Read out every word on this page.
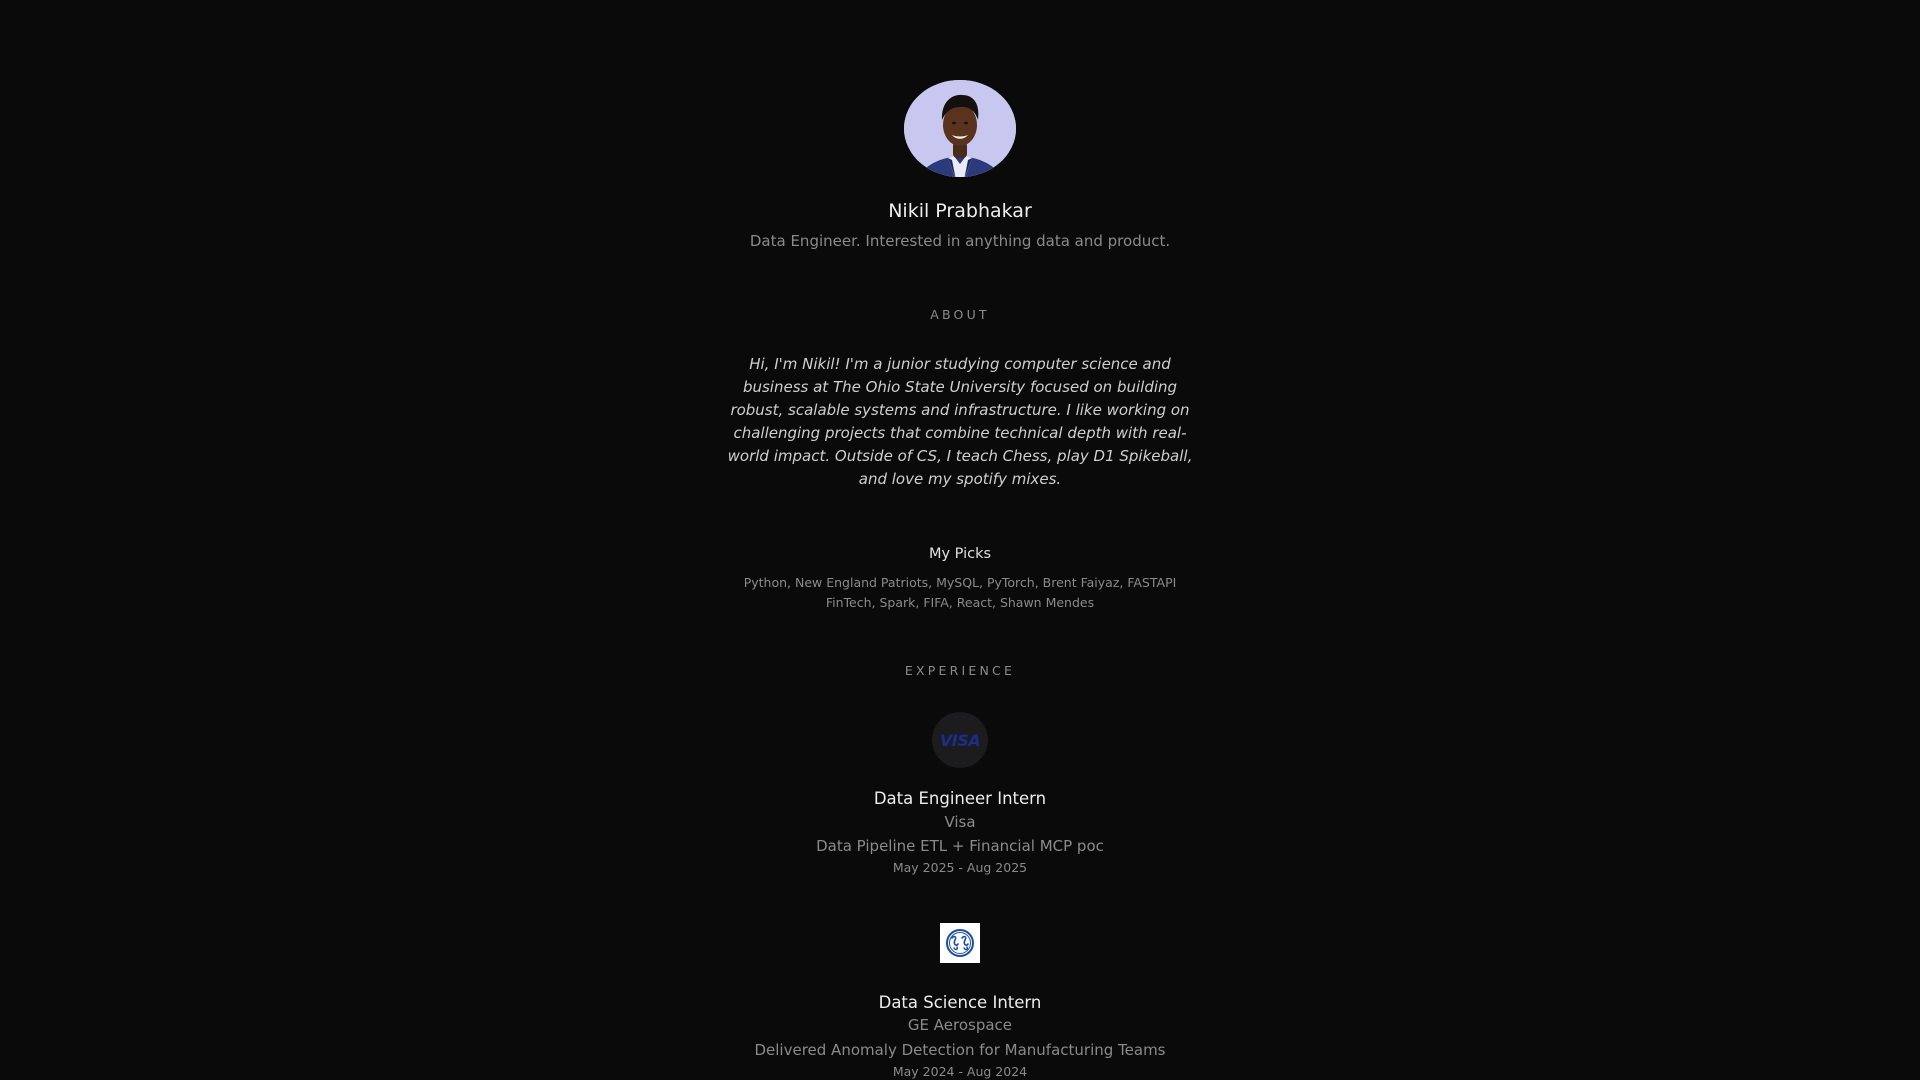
Nikil Prabhakar
Data Engineer. Interested in anything data and product.
ABOUT
Hi, I'm Nikil! I'm a junior studying computer science and business at The Ohio State University focused on building robust, scalable systems and infrastructure. I like working on challenging projects that combine technical depth with real-world impact. Outside of CS, I teach Chess, play D1 Spikeball, and love my spotify mixes.
My Picks
Python, New England Patriots, MySQL, PyTorch, Brent Faiyaz, FASTAPI
FinTech, Spark, FIFA, React, Shawn Mendes
EXPERIENCE
VISA
Data Engineer Intern
Visa
Data Pipeline ETL + Financial MCP poc
May 2025 - Aug 2025
Data Science Intern
GE Aerospace
Delivered Anomaly Detection for Manufacturing Teams
May 2024 - Aug 2024
